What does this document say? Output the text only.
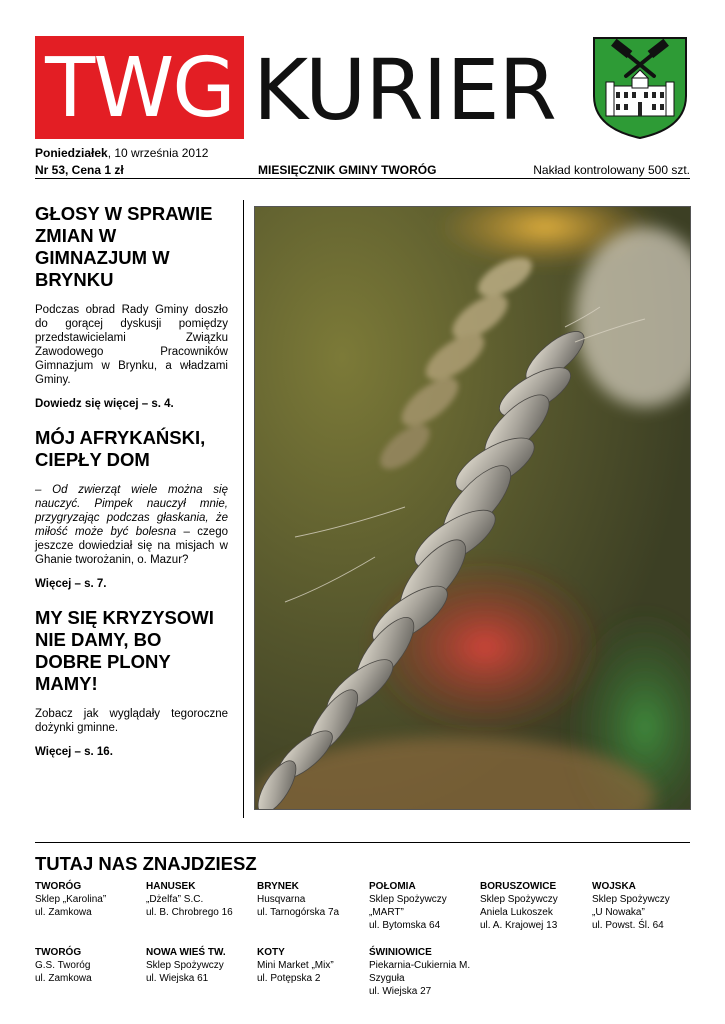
TWG KURIER
Poniedziałek, 10 września 2012
Nr 53, Cena 1 zł	MIESIĘCZNIK GMINY TWORÓG	Nakład kontrolowany 500 szt.
GŁOSY W SPRAWIE ZMIAN W GIMNAZJUM W BRYNKU

Podczas obrad Rady Gminy doszło do gorącej dyskusji pomiędzy przedstawicielami Związku Zawodowego Pracowników Gimnazjum w Brynku, a władzami Gminy.

Dowiedz się więcej – s. 4.

MÓJ AFRYKAŃSKI, CIEPŁY DOM

– Od zwierząt wiele można się nauczyć. Pimpek nauczył mnie, przygryzając podczas głaskania, że miłość może być bolesna – czego jeszcze dowiedział się na misjach w Ghanie tworożanin, o. Mazur?

Więcej – s. 7.

MY SIĘ KRYZYSOWI NIE DAMY, BO DOBRE PLONY MAMY!

Zobacz jak wyglądały tegoroczne dożynki gminne.

Więcej – s. 16.

TUTAJ NAS ZNAJDZIESZ
TWORÓG
Sklep „Karolina”
ul. Zamkowa
HANUSEK
„Dżelfa” S.C.
ul. B. Chrobrego 16
BRYNEK
Husqvarna
ul. Tarnogórska 7a
POŁOMIA
Sklep Spożywczy
„MART”
ul. Bytomska 64
BORUSZOWICE
Sklep Spożywczy
Aniela Lukoszek
ul. A. Krajowej 13
WOJSKA
Sklep Spożywczy
„U Nowaka”
ul. Powst. Śl. 64
TWORÓG
G.S. Tworóg
ul. Zamkowa
NOWA WIEŚ TW.
Sklep Spożywczy
ul. Wiejska 61
KOTY
Mini Market „Mix”
ul. Potępska 2
ŚWINIOWICE
Piekarnia-Cukiernia M. Szyguła
ul. Wiejska 27
